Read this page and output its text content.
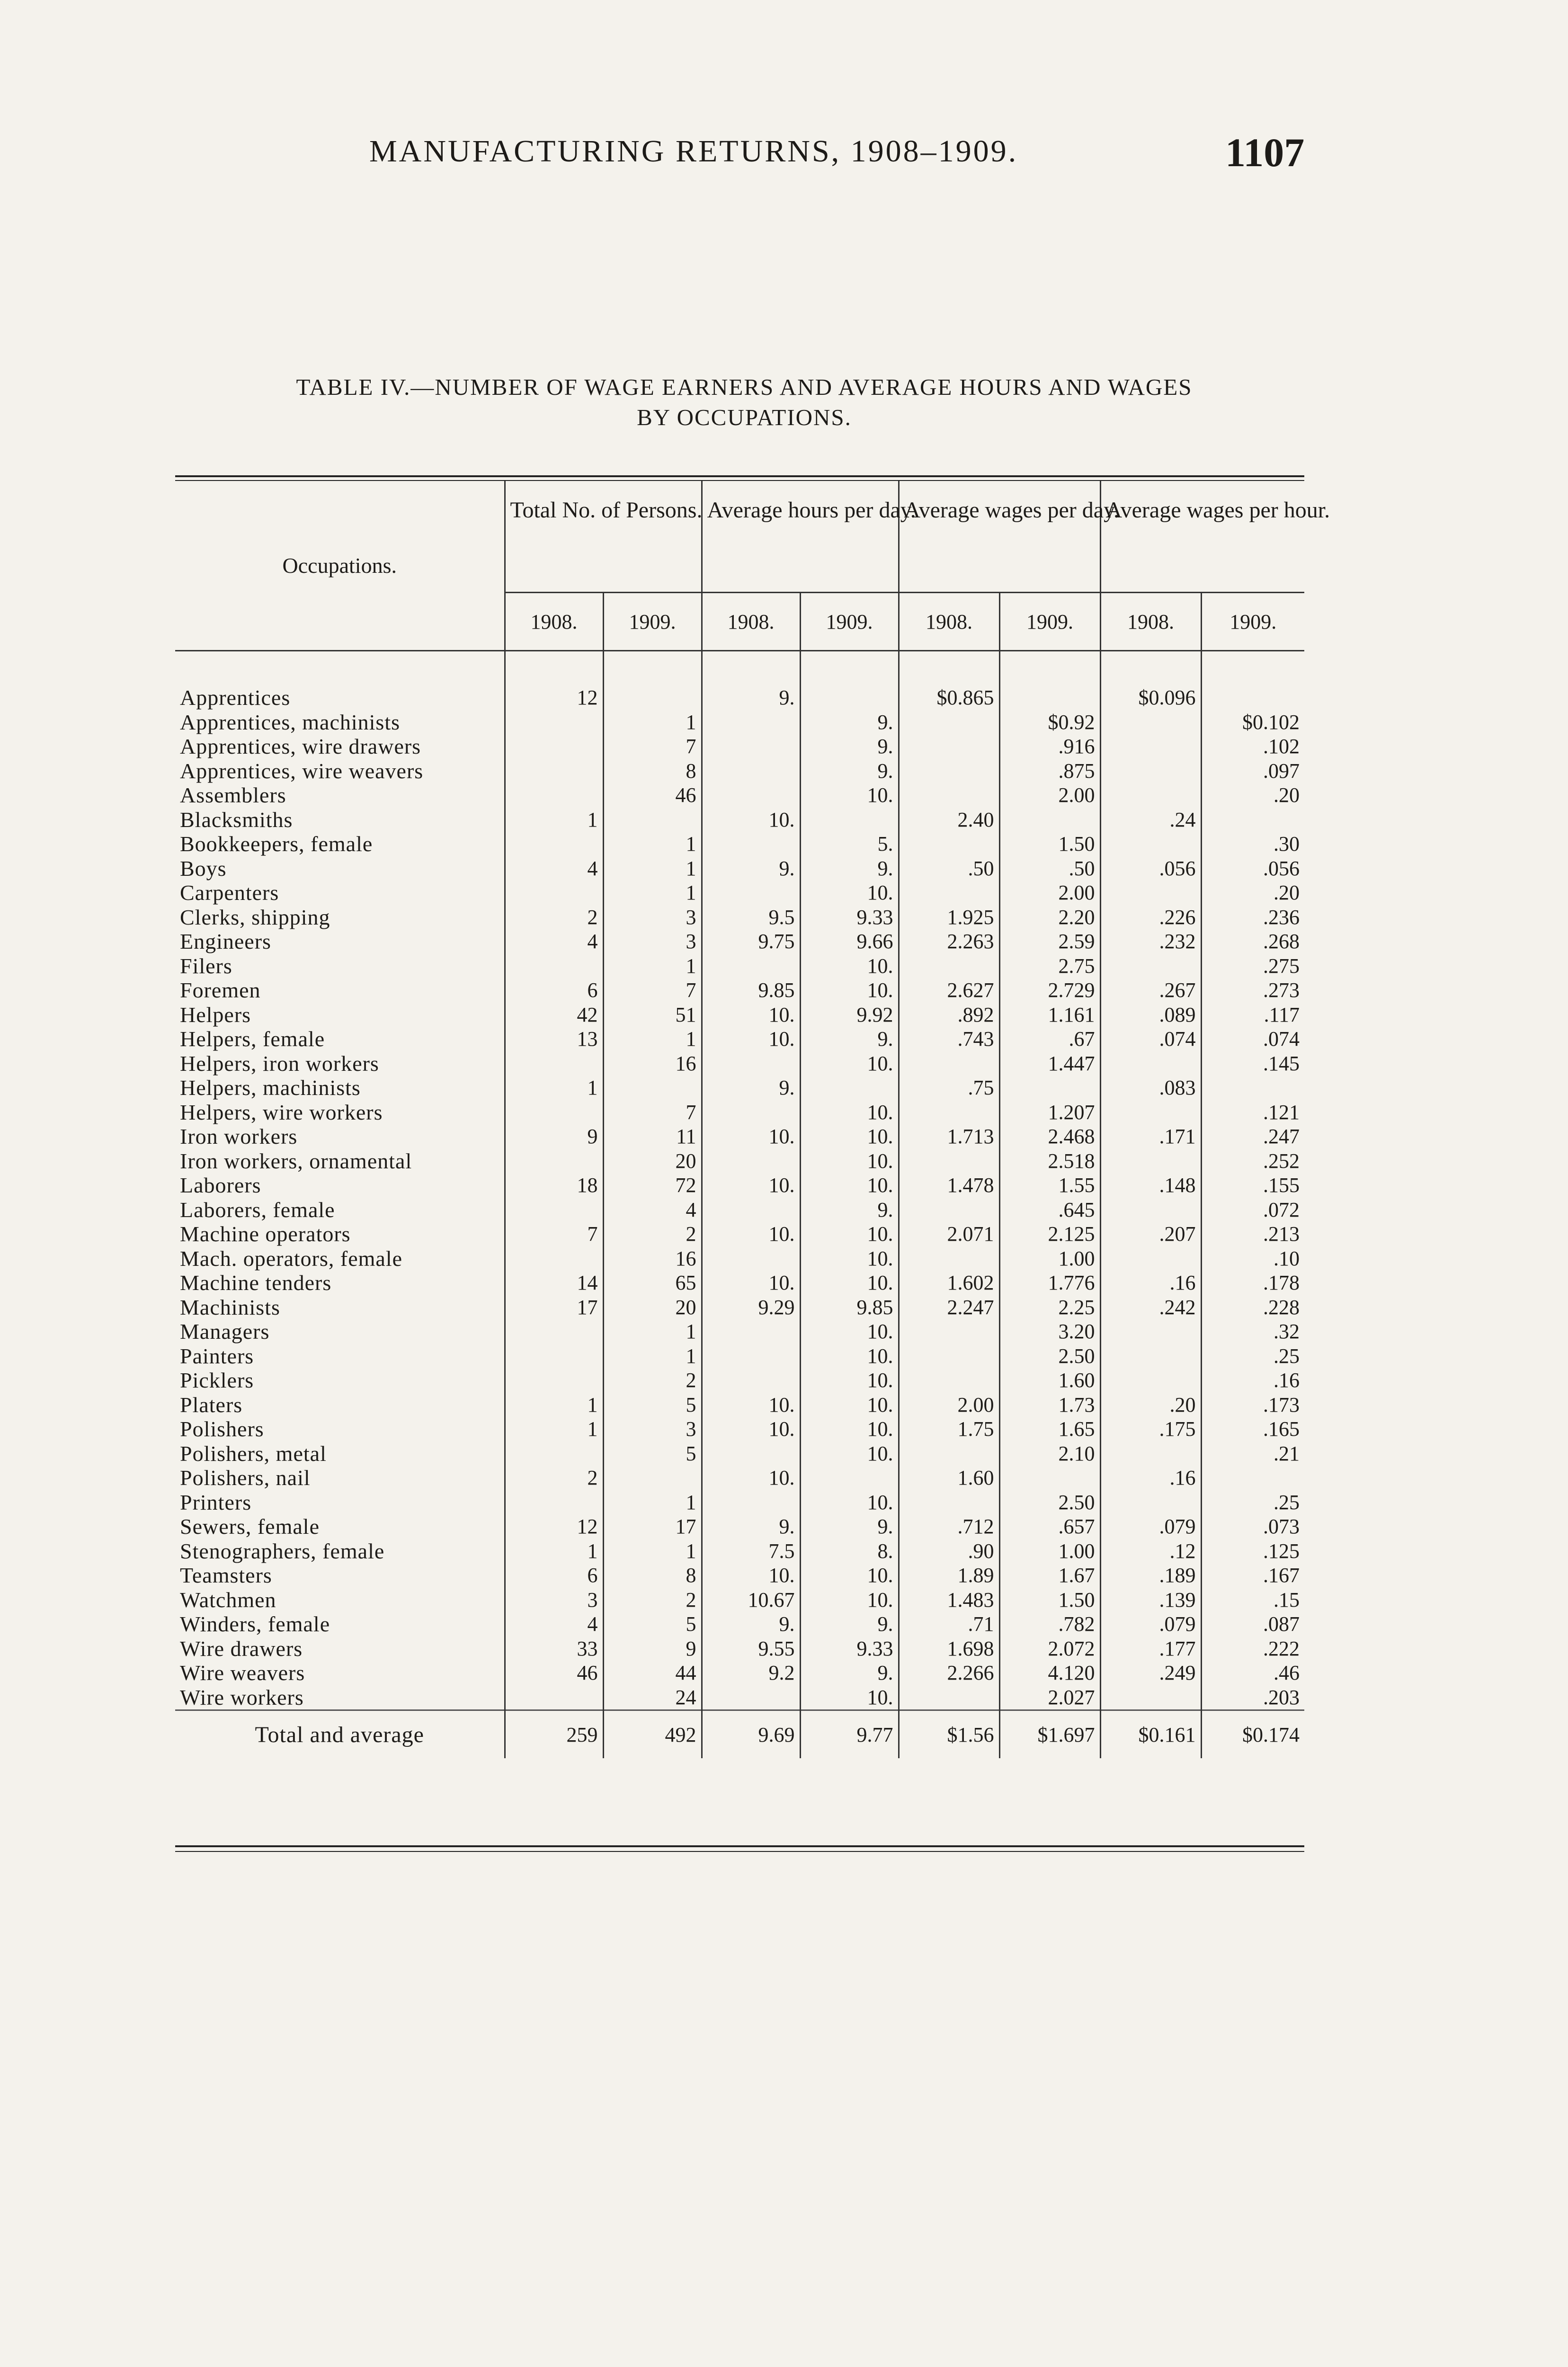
MANUFACTURING RETURNS, 1908–1909.	1107
TABLE IV.—NUMBER OF WAGE EARNERS AND AVERAGE HOURS AND WAGES
BY OCCUPATIONS.
Occupations.	Total No. of Persons.		Average hours per day.		Average wages per day.		Average wages per hour.	
	1908.	1909.	1908.	1909.	1908.	1909.	1908.	1909.

Apprentices	12		9.		$0.865		$0.096	
Apprentices, machinists		1		9.		$0.92		$0.102
Apprentices, wire drawers		7		9.		.916		.102
Apprentices, wire weavers		8		9.		.875		.097
Assemblers		46		10.		2.00		.20
Blacksmiths	1		10.		2.40		.24	
Bookkeepers, female		1		5.		1.50		.30
Boys	4	1	9.	9.	.50	.50	.056	.056
Carpenters		1		10.		2.00		.20
Clerks, shipping	2	3	9.5	9.33	1.925	2.20	.226	.236
Engineers	4	3	9.75	9.66	2.263	2.59	.232	.268
Filers		1		10.		2.75		.275
Foremen	6	7	9.85	10.	2.627	2.729	.267	.273
Helpers	42	51	10.	9.92	.892	1.161	.089	.117
Helpers, female	13	1	10.	9.	.743	.67	.074	.074
Helpers, iron workers		16		10.		1.447		.145
Helpers, machinists	1		9.		.75		.083	
Helpers, wire workers		7		10.		1.207		.121
Iron workers	9	11	10.	10.	1.713	2.468	.171	.247
Iron workers, ornamental		20		10.		2.518		.252
Laborers	18	72	10.	10.	1.478	1.55	.148	.155
Laborers, female		4		9.		.645		.072
Machine operators	7	2	10.	10.	2.071	2.125	.207	.213
Mach. operators, female		16		10.		1.00		.10
Machine tenders	14	65	10.	10.	1.602	1.776	.16	.178
Machinists	17	20	9.29	9.85	2.247	2.25	.242	.228
Managers		1		10.		3.20		.32
Painters		1		10.		2.50		.25
Picklers		2		10.		1.60		.16
Platers	1	5	10.	10.	2.00	1.73	.20	.173
Polishers	1	3	10.	10.	1.75	1.65	.175	.165
Polishers, metal		5		10.		2.10		.21
Polishers, nail	2		10.		1.60		.16	
Printers		1		10.		2.50		.25
Sewers, female	12	17	9.	9.	.712	.657	.079	.073
Stenographers, female	1	1	7.5	8.	.90	1.00	.12	.125
Teamsters	6	8	10.	10.	1.89	1.67	.189	.167
Watchmen	3	2	10.67	10.	1.483	1.50	.139	.15
Winders, female	4	5	9.	9.	.71	.782	.079	.087
Wire drawers	33	9	9.55	9.33	1.698	2.072	.177	.222
Wire weavers	46	44	9.2	9.	2.266	4.120	.249	.46
Wire workers		24		10.		2.027		.203
Total and average	259	492	9.69	9.77	$1.56	$1.697	$0.161	$0.174
